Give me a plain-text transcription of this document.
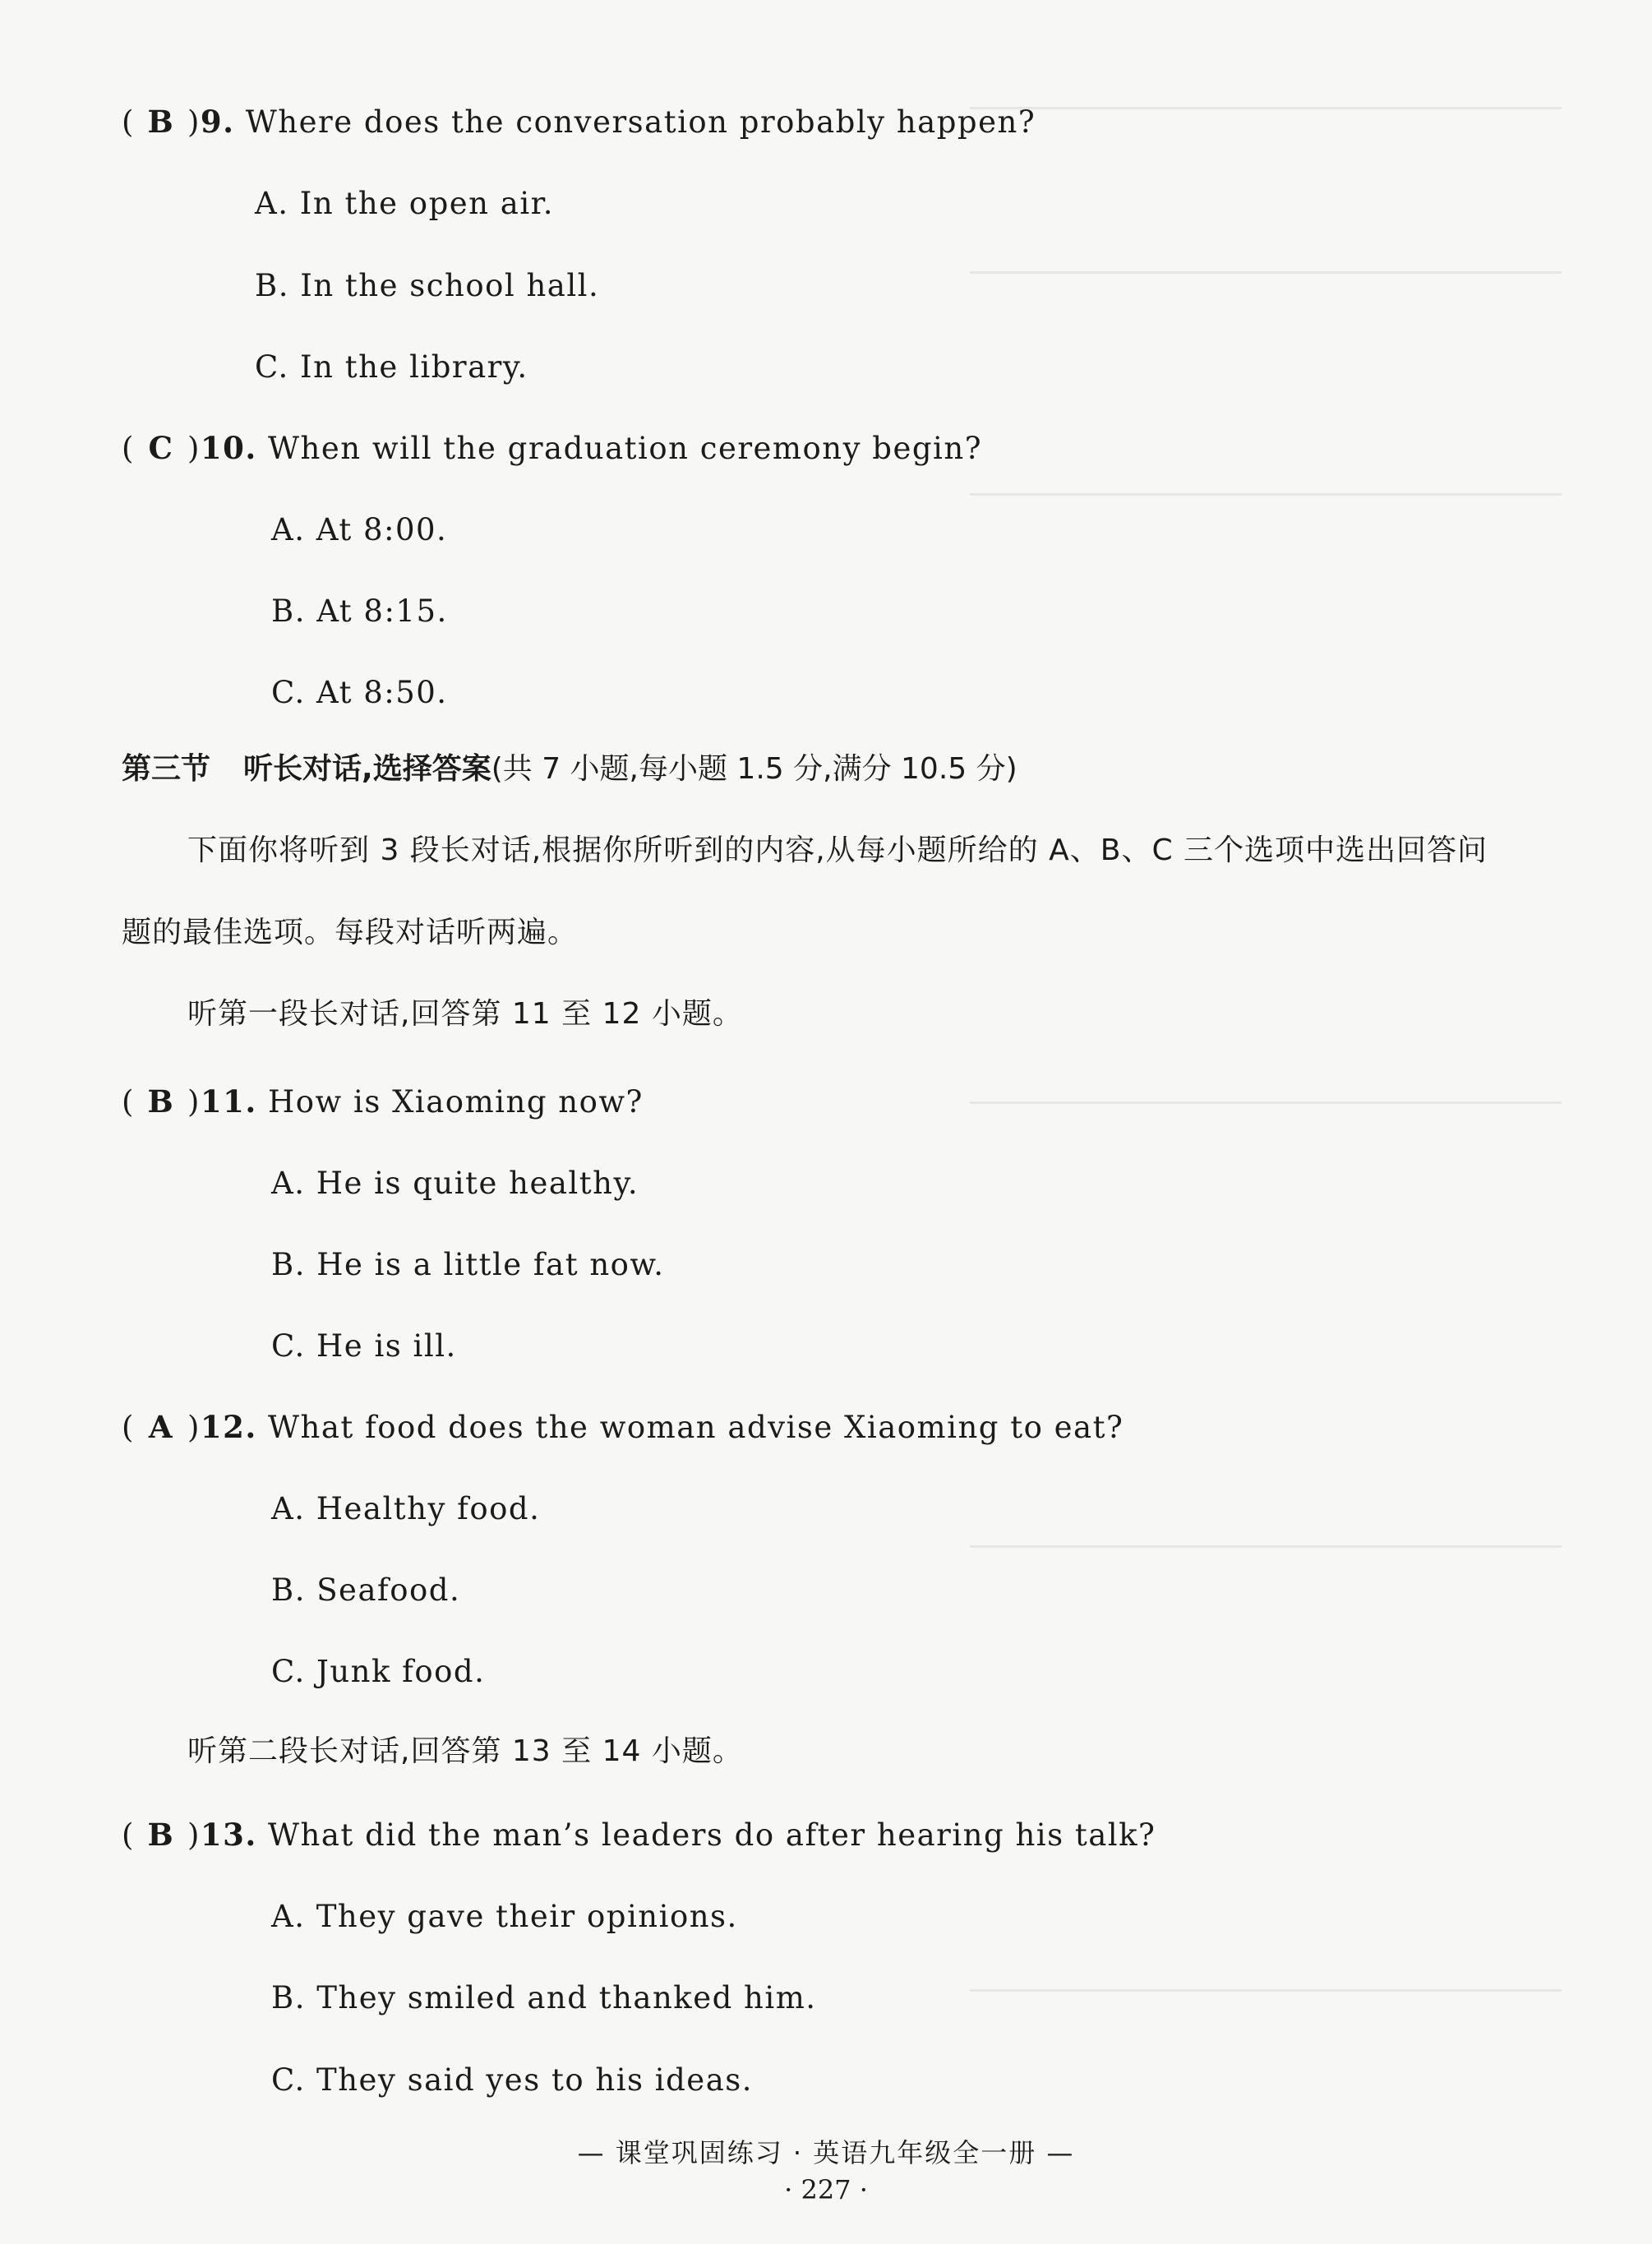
( B )9. Where does the conversation probably happen?
A. In the open air.
B. In the school hall.
C. In the library.
( C )10. When will the graduation ceremony begin?
A. At 8:00.
B. At 8:15.
C. At 8:50.
第三节 听长对话,选择答案(共 7 小题,每小题 1.5 分,满分 10.5 分)
下面你将听到 3 段长对话,根据你所听到的内容,从每小题所给的 A、B、C 三个选项中选出回答问
题的最佳选项。每段对话听两遍。
听第一段长对话,回答第 11 至 12 小题。
( B )11. How is Xiaoming now?
A. He is quite healthy.
B. He is a little fat now.
C. He is ill.
( A )12. What food does the woman advise Xiaoming to eat?
A. Healthy food.
B. Seafood.
C. Junk food.
听第二段长对话,回答第 13 至 14 小题。
( B )13. What did the man’s leaders do after hearing his talk?
A. They gave their opinions.
B. They smiled and thanked him.
C. They said yes to his ideas.
— 课堂巩固练习 · 英语九年级全一册 —
· 227 ·
